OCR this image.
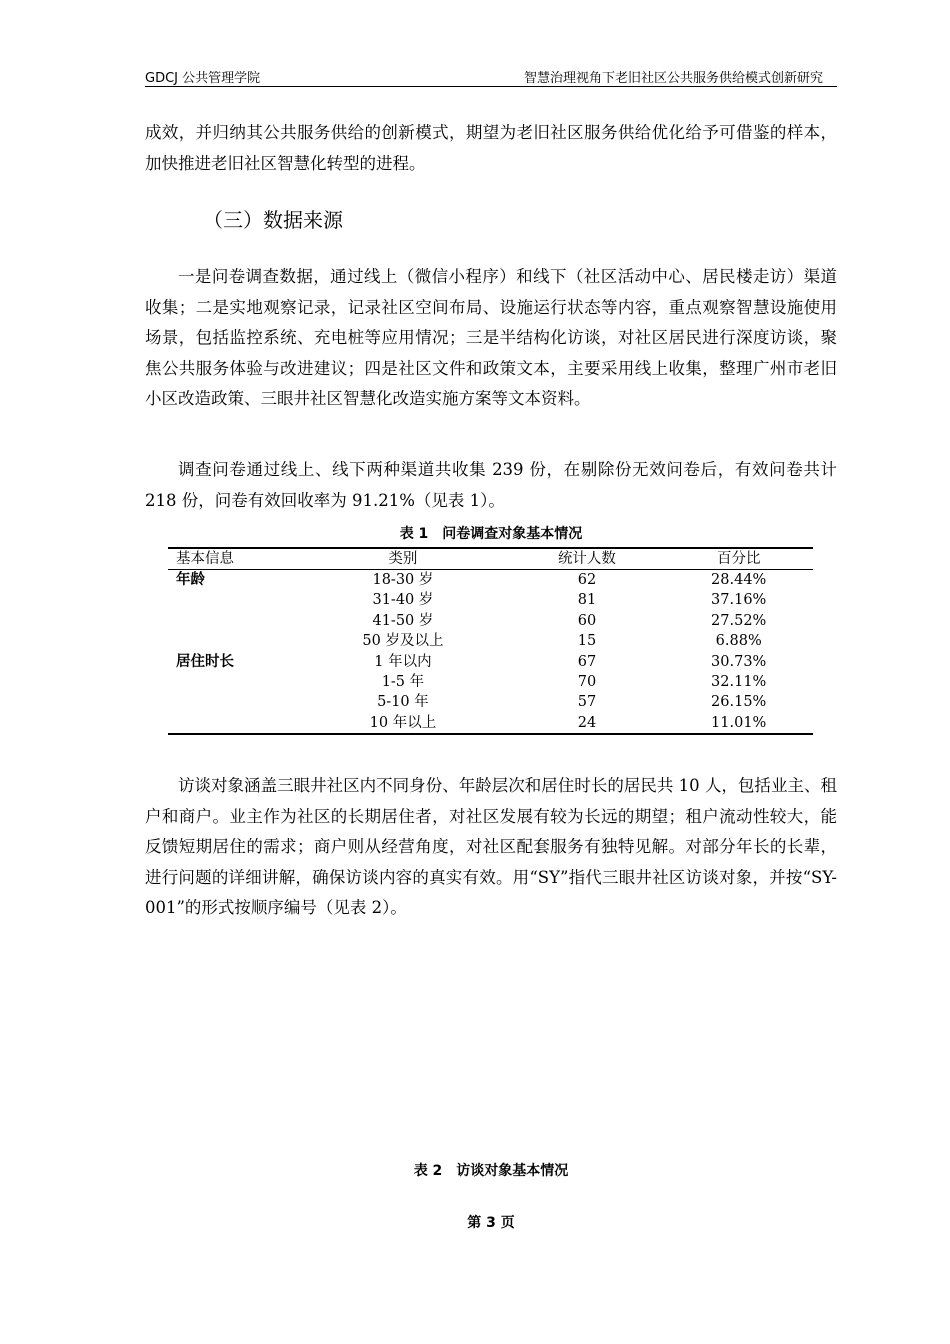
GDCJ 公共管理学院	智慧治理视角下老旧社区公共服务供给模式创新研究

成效，并归纳其公共服务供给的创新模式，期望为老旧社区服务供给优化给予可借鉴的样本，加快推进老旧社区智慧化转型的进程。

（三）数据来源

一是问卷调查数据，通过线上（微信小程序）和线下（社区活动中心、居民楼走访）渠道收集；二是实地观察记录，记录社区空间布局、设施运行状态等内容，重点观察智慧设施使用场景，包括监控系统、充电桩等应用情况；三是半结构化访谈，对社区居民进行深度访谈，聚焦公共服务体验与改进建议；四是社区文件和政策文本，主要采用线上收集，整理广州市老旧小区改造政策、三眼井社区智慧化改造实施方案等文本资料。

调查问卷通过线上、线下两种渠道共收集 239 份，在剔除份无效问卷后，有效问卷共计 218 份，问卷有效回收率为 91.21%（见表 1）。

表 1　问卷调查对象基本情况

基本信息	类别	统计人数	百分比
年龄	18-30 岁	62	28.44%
	31-40 岁	81	37.16%
	41-50 岁	60	27.52%
	50 岁及以上	15	6.88%
居住时长	1 年以内	67	30.73%
	1-5 年	70	32.11%
	5-10 年	57	26.15%
	10 年以上	24	11.01%

访谈对象涵盖三眼井社区内不同身份、年龄层次和居住时长的居民共 10 人，包括业主、租户和商户。业主作为社区的长期居住者，对社区发展有较为长远的期望；租户流动性较大，能反馈短期居住的需求；商户则从经营角度，对社区配套服务有独特见解。对部分年长的长辈，进行问题的详细讲解，确保访谈内容的真实有效。用“SY”指代三眼井社区访谈对象，并按“SY-001”的形式按顺序编号（见表 2）。

表 2　访谈对象基本情况

第 3 页
